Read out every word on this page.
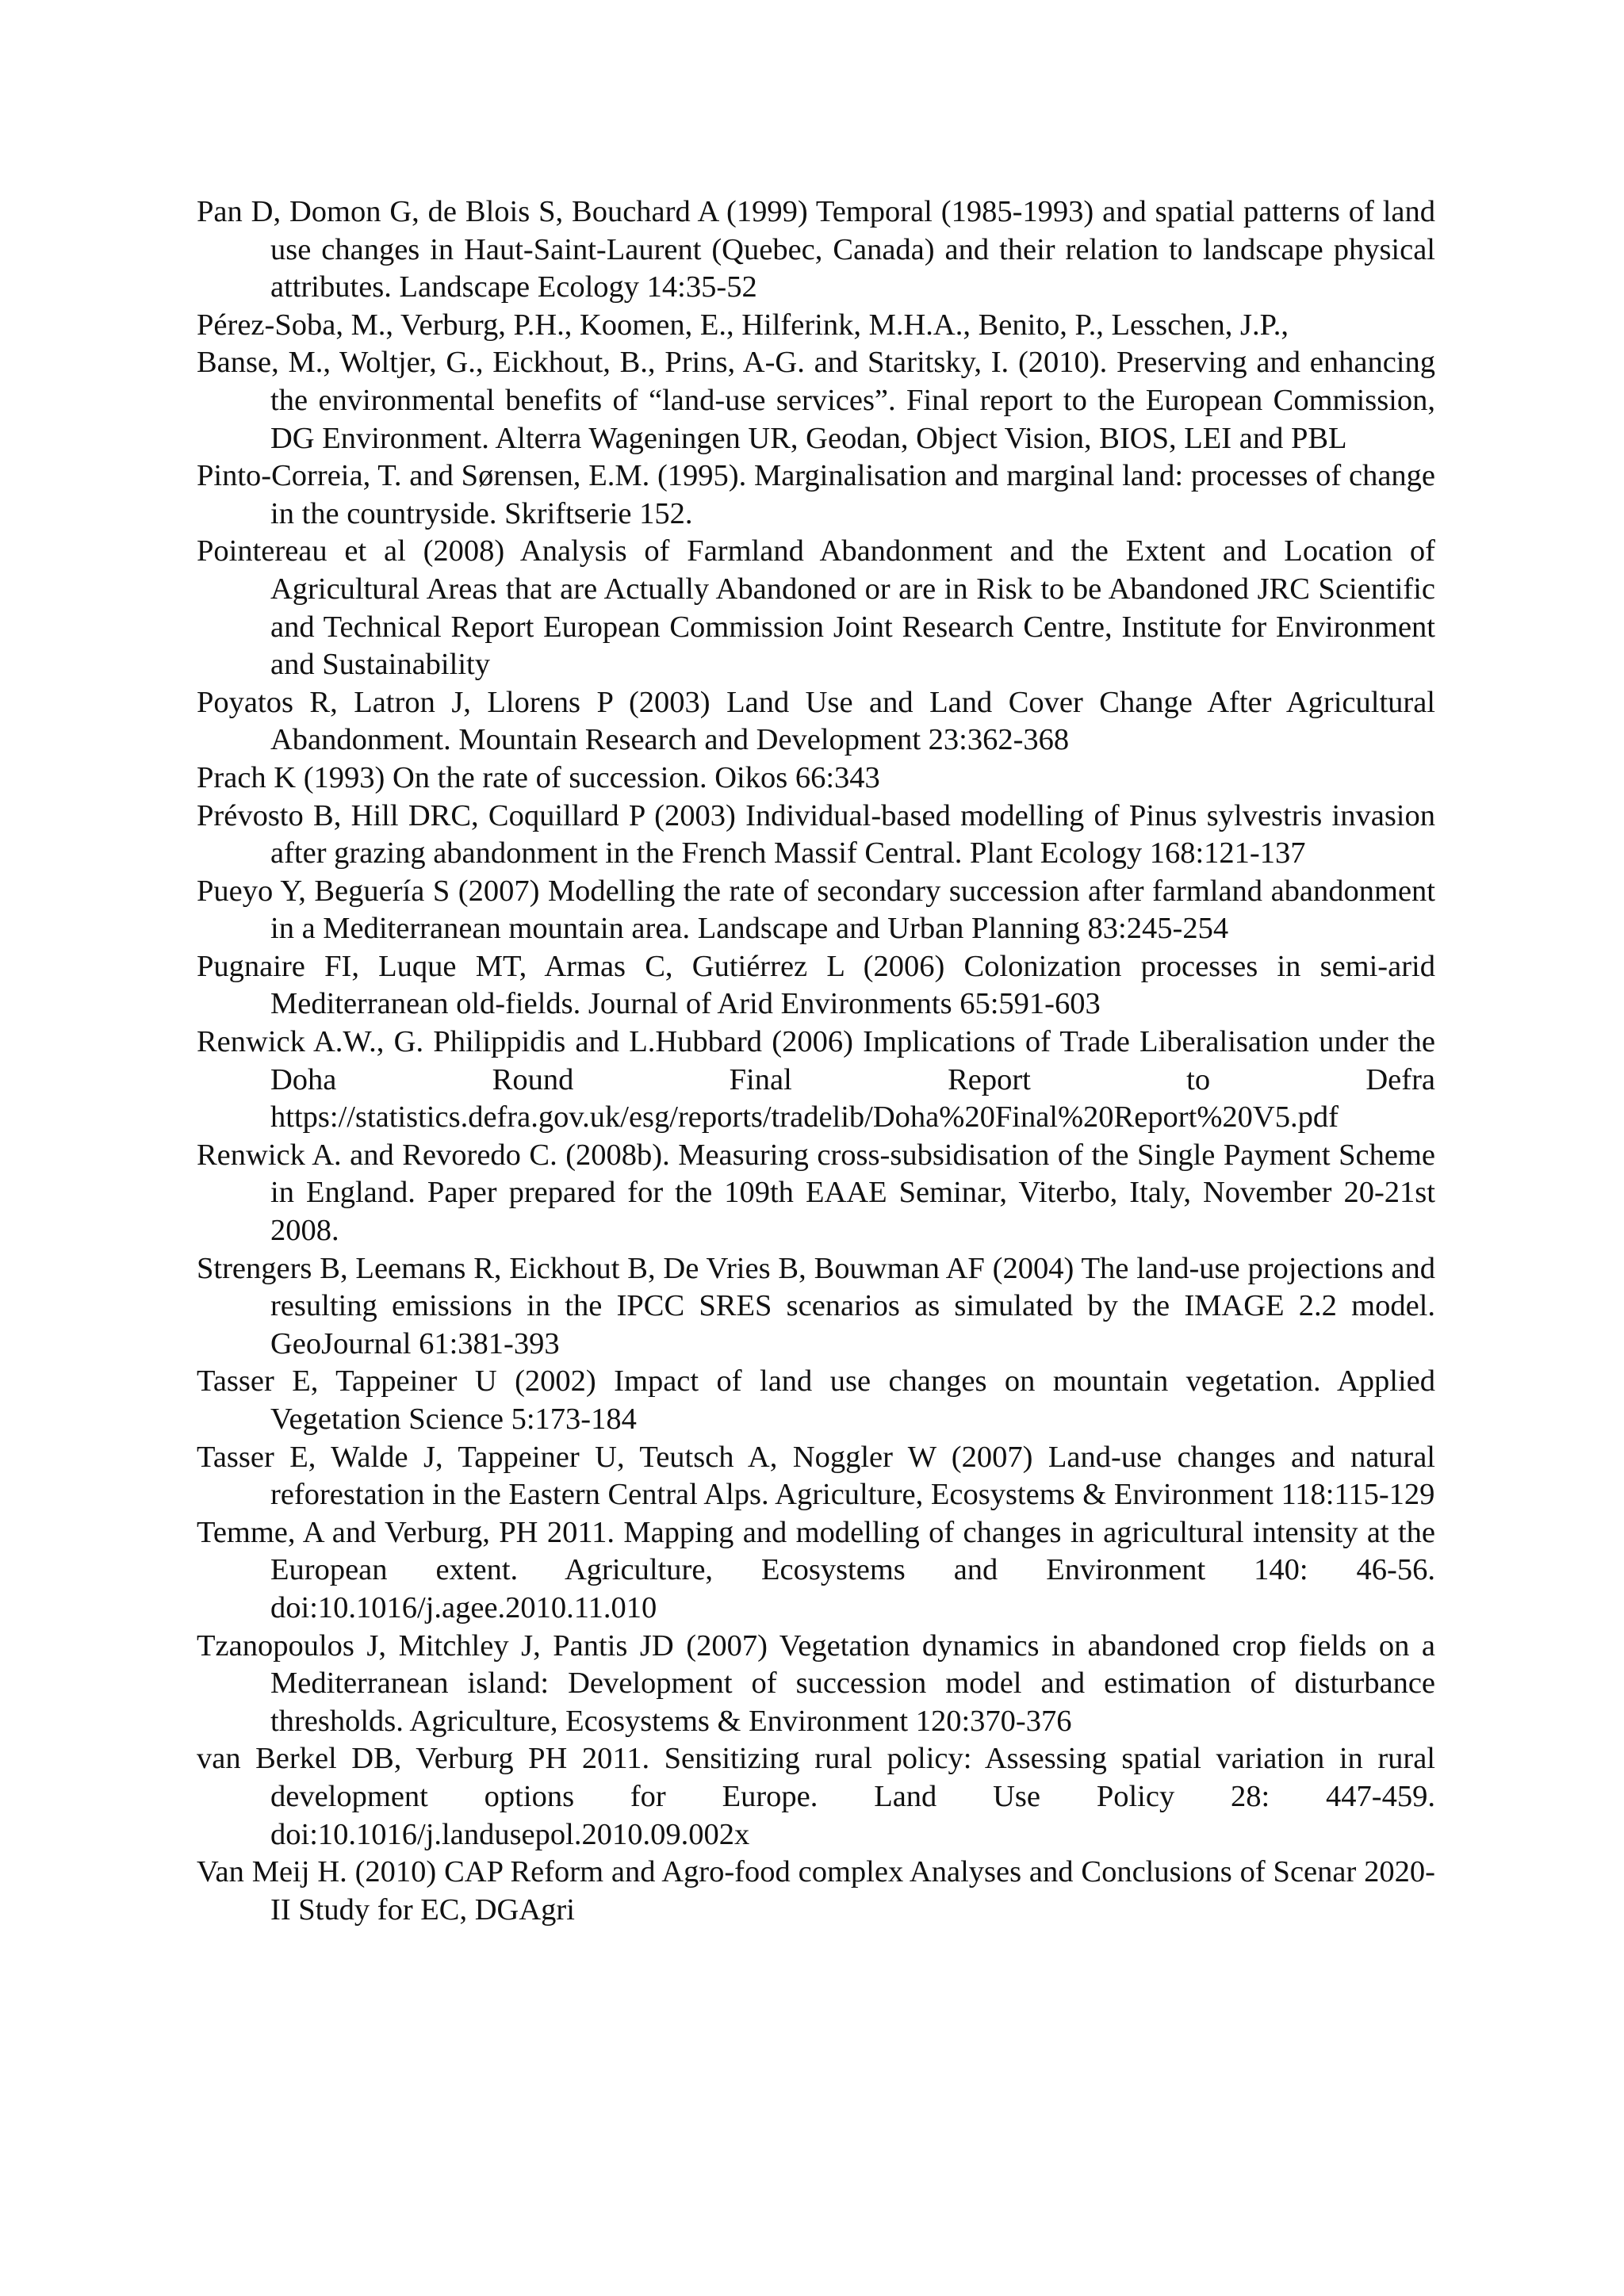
Pan D, Domon G, de Blois S, Bouchard A (1999) Temporal (1985-1993) and spatial patterns of land use changes in Haut-Saint-Laurent (Quebec, Canada) and their relation to landscape physical attributes. Landscape Ecology 14:35-52

Pérez-Soba, M., Verburg, P.H., Koomen, E., Hilferink, M.H.A., Benito, P., Lesschen, J.P.,

Banse, M., Woltjer, G., Eickhout, B., Prins, A-G. and Staritsky, I. (2010). Preserving and enhancing the environmental benefits of “land-use services”. Final report to the European Commission, DG Environment. Alterra Wageningen UR, Geodan, Object Vision, BIOS, LEI and PBL

Pinto-Correia, T. and Sørensen, E.M. (1995). Marginalisation and marginal land: processes of change in the countryside. Skriftserie 152.

Pointereau et al (2008) Analysis of Farmland Abandonment and the Extent and Location of Agricultural Areas that are Actually Abandoned or are in Risk to be Abandoned JRC Scientific and Technical Report European Commission Joint Research Centre, Institute for Environment and Sustainability

Poyatos R, Latron J, Llorens P (2003) Land Use and Land Cover Change After Agricultural Abandonment. Mountain Research and Development 23:362-368

Prach K (1993) On the rate of succession. Oikos 66:343

Prévosto B, Hill DRC, Coquillard P (2003) Individual-based modelling of Pinus sylvestris invasion after grazing abandonment in the French Massif Central. Plant Ecology 168:121-137

Pueyo Y, Beguería S (2007) Modelling the rate of secondary succession after farmland abandonment in a Mediterranean mountain area. Landscape and Urban Planning 83:245-254

Pugnaire FI, Luque MT, Armas C, Gutiérrez L (2006) Colonization processes in semi-arid Mediterranean old-fields. Journal of Arid Environments 65:591-603

Renwick A.W., G. Philippidis and L.Hubbard (2006) Implications of Trade Liberalisation under the Doha Round Final Report to Defra https://statistics.defra.gov.uk/esg/reports/tradelib/Doha%20Final%20Report%20V5.pdf

Renwick A. and Revoredo C. (2008b). Measuring cross-subsidisation of the Single Payment Scheme in England. Paper prepared for the 109th EAAE Seminar, Viterbo, Italy, November 20-21st 2008.

Strengers B, Leemans R, Eickhout B, De Vries B, Bouwman AF (2004) The land-use projections and resulting emissions in the IPCC SRES scenarios as simulated by the IMAGE 2.2 model. GeoJournal 61:381-393

Tasser E, Tappeiner U (2002) Impact of land use changes on mountain vegetation. Applied Vegetation Science 5:173-184

Tasser E, Walde J, Tappeiner U, Teutsch A, Noggler W (2007) Land-use changes and natural reforestation in the Eastern Central Alps. Agriculture, Ecosystems & Environment 118:115-129

Temme, A and Verburg, PH 2011. Mapping and modelling of changes in agricultural intensity at the European extent. Agriculture, Ecosystems and Environment 140: 46-56. doi:10.1016/j.agee.2010.11.010

Tzanopoulos J, Mitchley J, Pantis JD (2007) Vegetation dynamics in abandoned crop fields on a Mediterranean island: Development of succession model and estimation of disturbance thresholds. Agriculture, Ecosystems & Environment 120:370-376

van Berkel DB, Verburg PH 2011. Sensitizing rural policy: Assessing spatial variation in rural development options for Europe. Land Use Policy 28: 447-459. doi:10.1016/j.landusepol.2010.09.002x

Van Meij H. (2010) CAP Reform and Agro-food complex Analyses and Conclusions of Scenar 2020-II Study for EC, DGAgri
